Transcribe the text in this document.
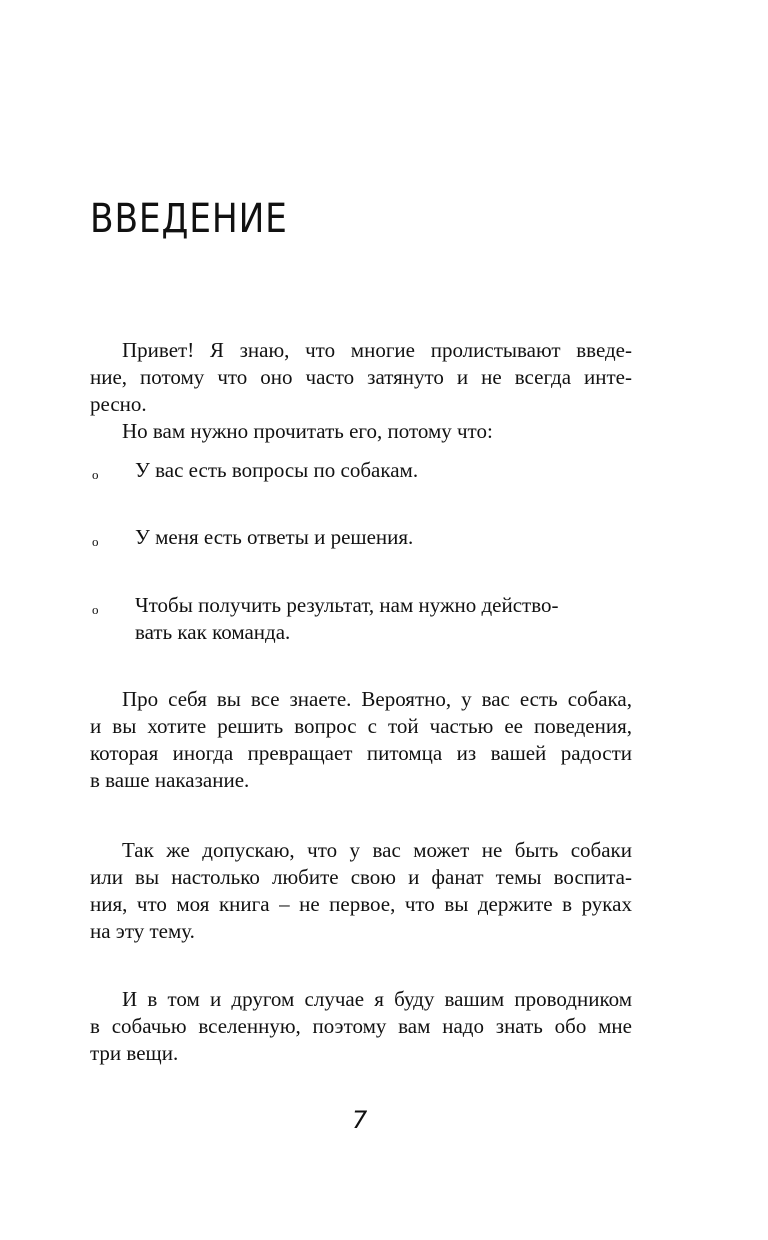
ВВЕДЕНИЕ

Привет! Я знаю, что многие пролистывают введе-

ние, потому что оно часто затянуто и не всегда инте-

ресно.

Но вам нужно прочитать его, потому что:

o У вас есть вопросы по собакам.

o У меня есть ответы и решения.

o Чтобы получить результат, нам нужно действо-

вать как команда.

Про себя вы все знаете. Вероятно, у вас есть собака,

и вы хотите решить вопрос с той частью ее поведения,

которая иногда превращает питомца из вашей радости

в ваше наказание.

Так же допускаю, что у вас может не быть собаки

или вы настолько любите свою и фанат темы воспита-

ния, что моя книга – не первое, что вы держите в руках

на эту тему.

И в том и другом случае я буду вашим проводником

в собачью вселенную, поэтому вам надо знать обо мне

три вещи.

7
